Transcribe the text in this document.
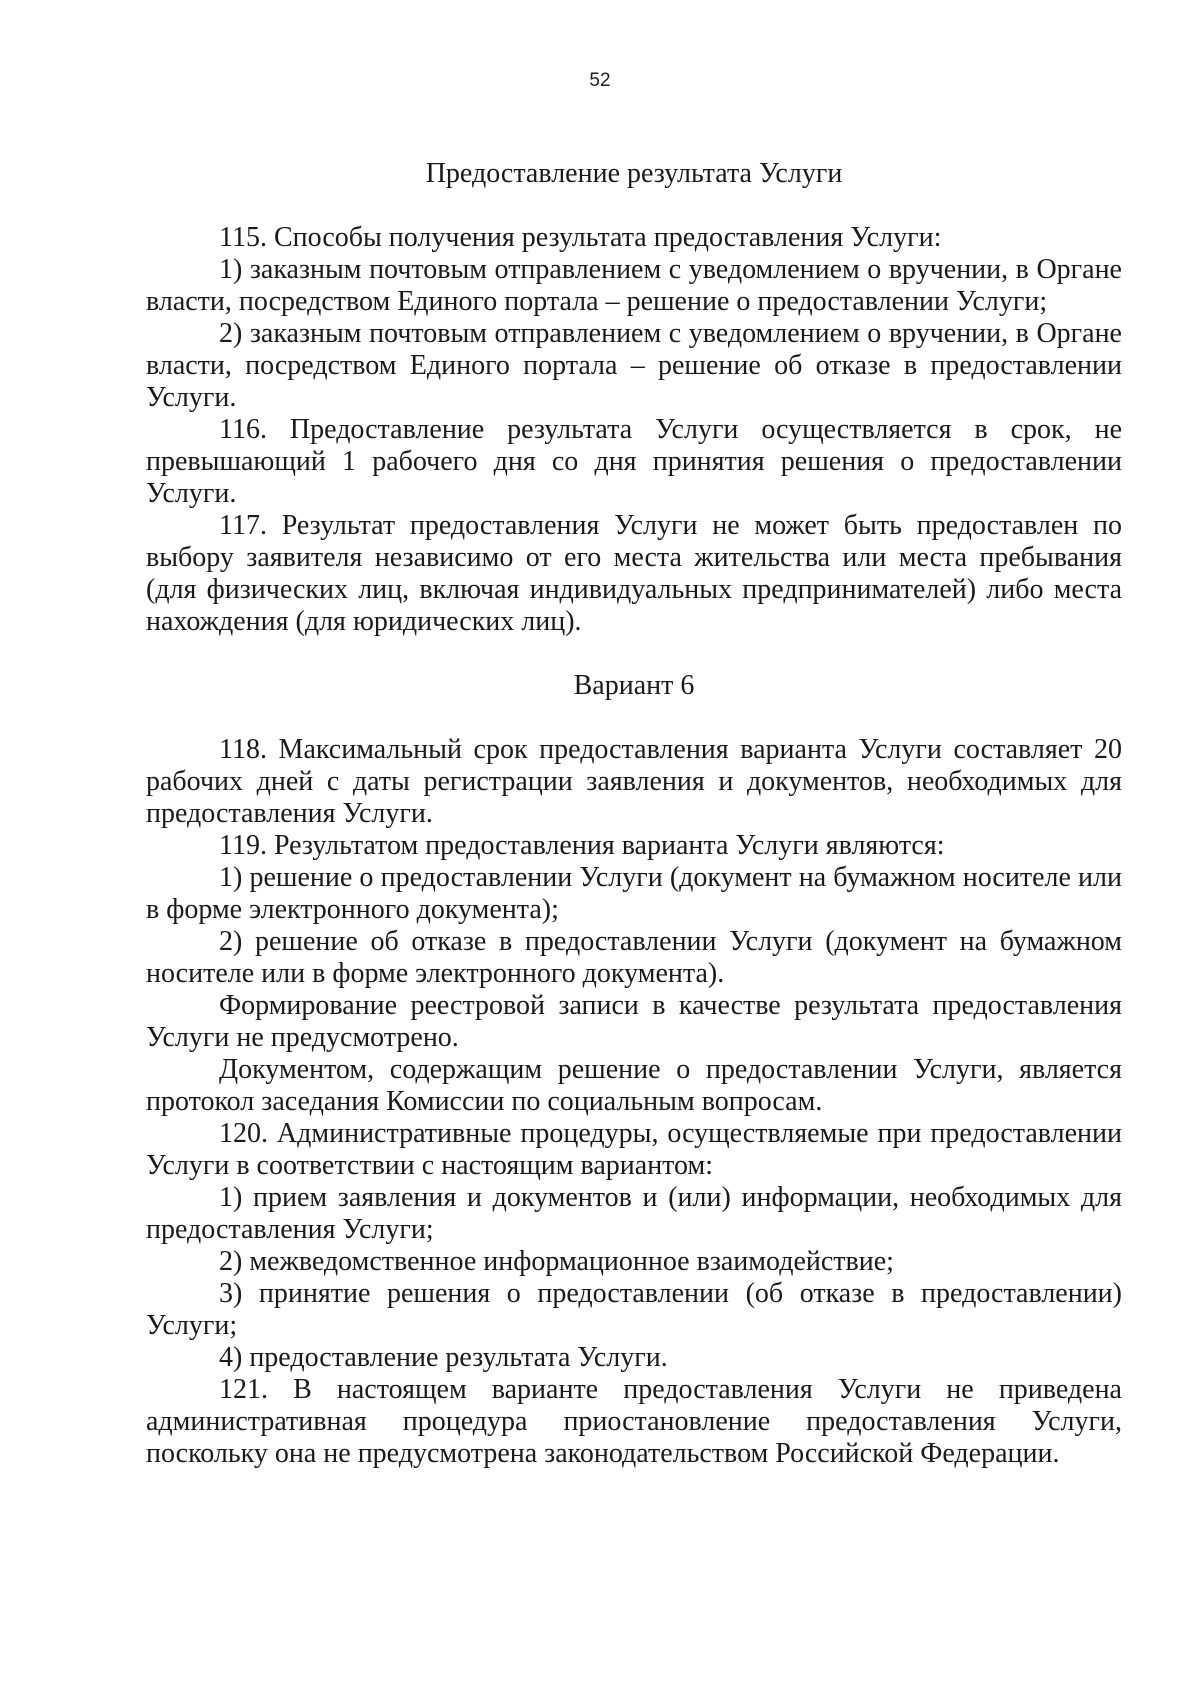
52

Предоставление результата Услуги

115. Способы получения результата предоставления Услуги:

1) заказным почтовым отправлением с уведомлением о вручении, в Органе власти, посредством Единого портала – решение о предоставлении Услуги;

2) заказным почтовым отправлением с уведомлением о вручении, в Органе власти, посредством Единого портала – решение об отказе в предоставлении Услуги.

116. Предоставление результата Услуги осуществляется в срок, не превышающий 1 рабочего дня со дня принятия решения о предоставлении Услуги.

117. Результат предоставления Услуги не может быть предоставлен по выбору заявителя независимо от его места жительства или места пребывания (для физических лиц, включая индивидуальных предпринимателей) либо места нахождения (для юридических лиц).

Вариант 6

118. Максимальный срок предоставления варианта Услуги составляет 20 рабочих дней с даты регистрации заявления и документов, необходимых для предоставления Услуги.

119. Результатом предоставления варианта Услуги являются:

1) решение о предоставлении Услуги (документ на бумажном носителе или в форме электронного документа);

2) решение об отказе в предоставлении Услуги (документ на бумажном носителе или в форме электронного документа).

Формирование реестровой записи в качестве результата предоставления Услуги не предусмотрено.

Документом, содержащим решение о предоставлении Услуги, является протокол заседания Комиссии по социальным вопросам.

120. Административные процедуры, осуществляемые при предоставлении Услуги в соответствии с настоящим вариантом:

1) прием заявления и документов и (или) информации, необходимых для предоставления Услуги;

2) межведомственное информационное взаимодействие;

3) принятие решения о предоставлении (об отказе в предоставлении) Услуги;

4) предоставление результата Услуги.

121. В настоящем варианте предоставления Услуги не приведена административная процедура приостановление предоставления Услуги, поскольку она не предусмотрена законодательством Российской Федерации.
